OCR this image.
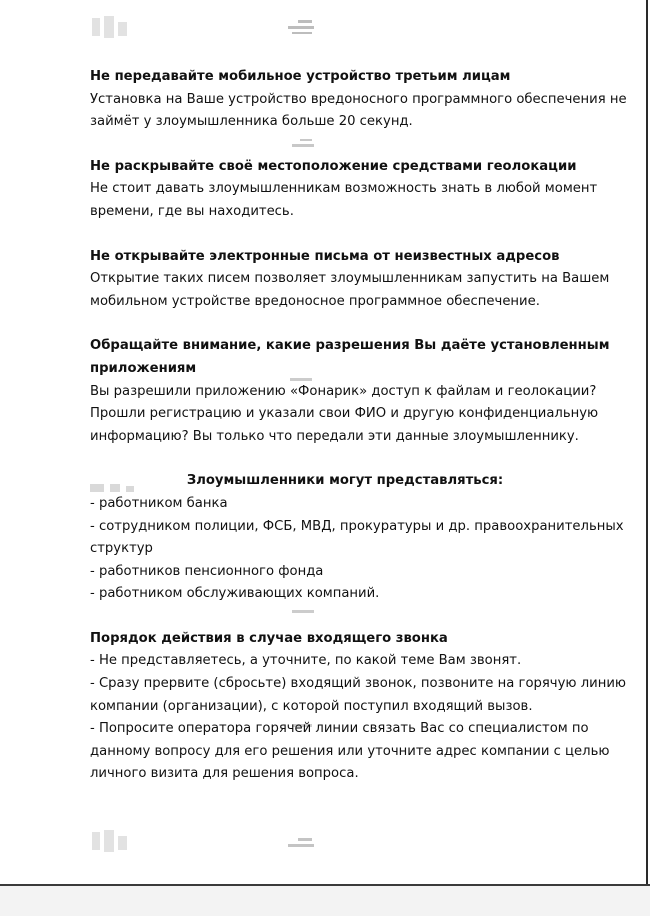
Не передавайте мобильное устройство третьим лицам
Установка на Ваше устройство вредоносного программного обеспечения не
займёт у злоумышленника больше 20 секунд.
Не раскрывайте своё местоположение средствами геолокации
Не стоит давать злоумышленникам возможность знать в любой момент
времени, где вы находитесь.
Не открывайте электронные письма от неизвестных адресов
Открытие таких писем позволяет злоумышленникам запустить на Вашем
мобильном устройстве вредоносное программное обеспечение.
Обращайте внимание, какие разрешения Вы даёте установленным
приложениям
Вы разрешили приложению «Фонарик» доступ к файлам и геолокации?
Прошли регистрацию и указали свои ФИО и другую конфиденциальную
информацию? Вы только что передали эти данные злоумышленнику.
Злоумышленники могут представляться:
- работником банка
- сотрудником полиции, ФСБ, МВД, прокуратуры и др. правоохранительных
структур
- работников пенсионного фонда
- работником обслуживающих компаний.
Порядок действия в случае входящего звонка
- Не представляетесь, а уточните, по какой теме Вам звонят.
- Сразу прервите (сбросьте) входящий звонок, позвоните на горячую линию
компании (организации), с которой поступил входящий вызов.
- Попросите оператора горячей линии связать Вас со специалистом по
данному вопросу для его решения или уточните адрес компании с целью
личного визита для решения вопроса.
